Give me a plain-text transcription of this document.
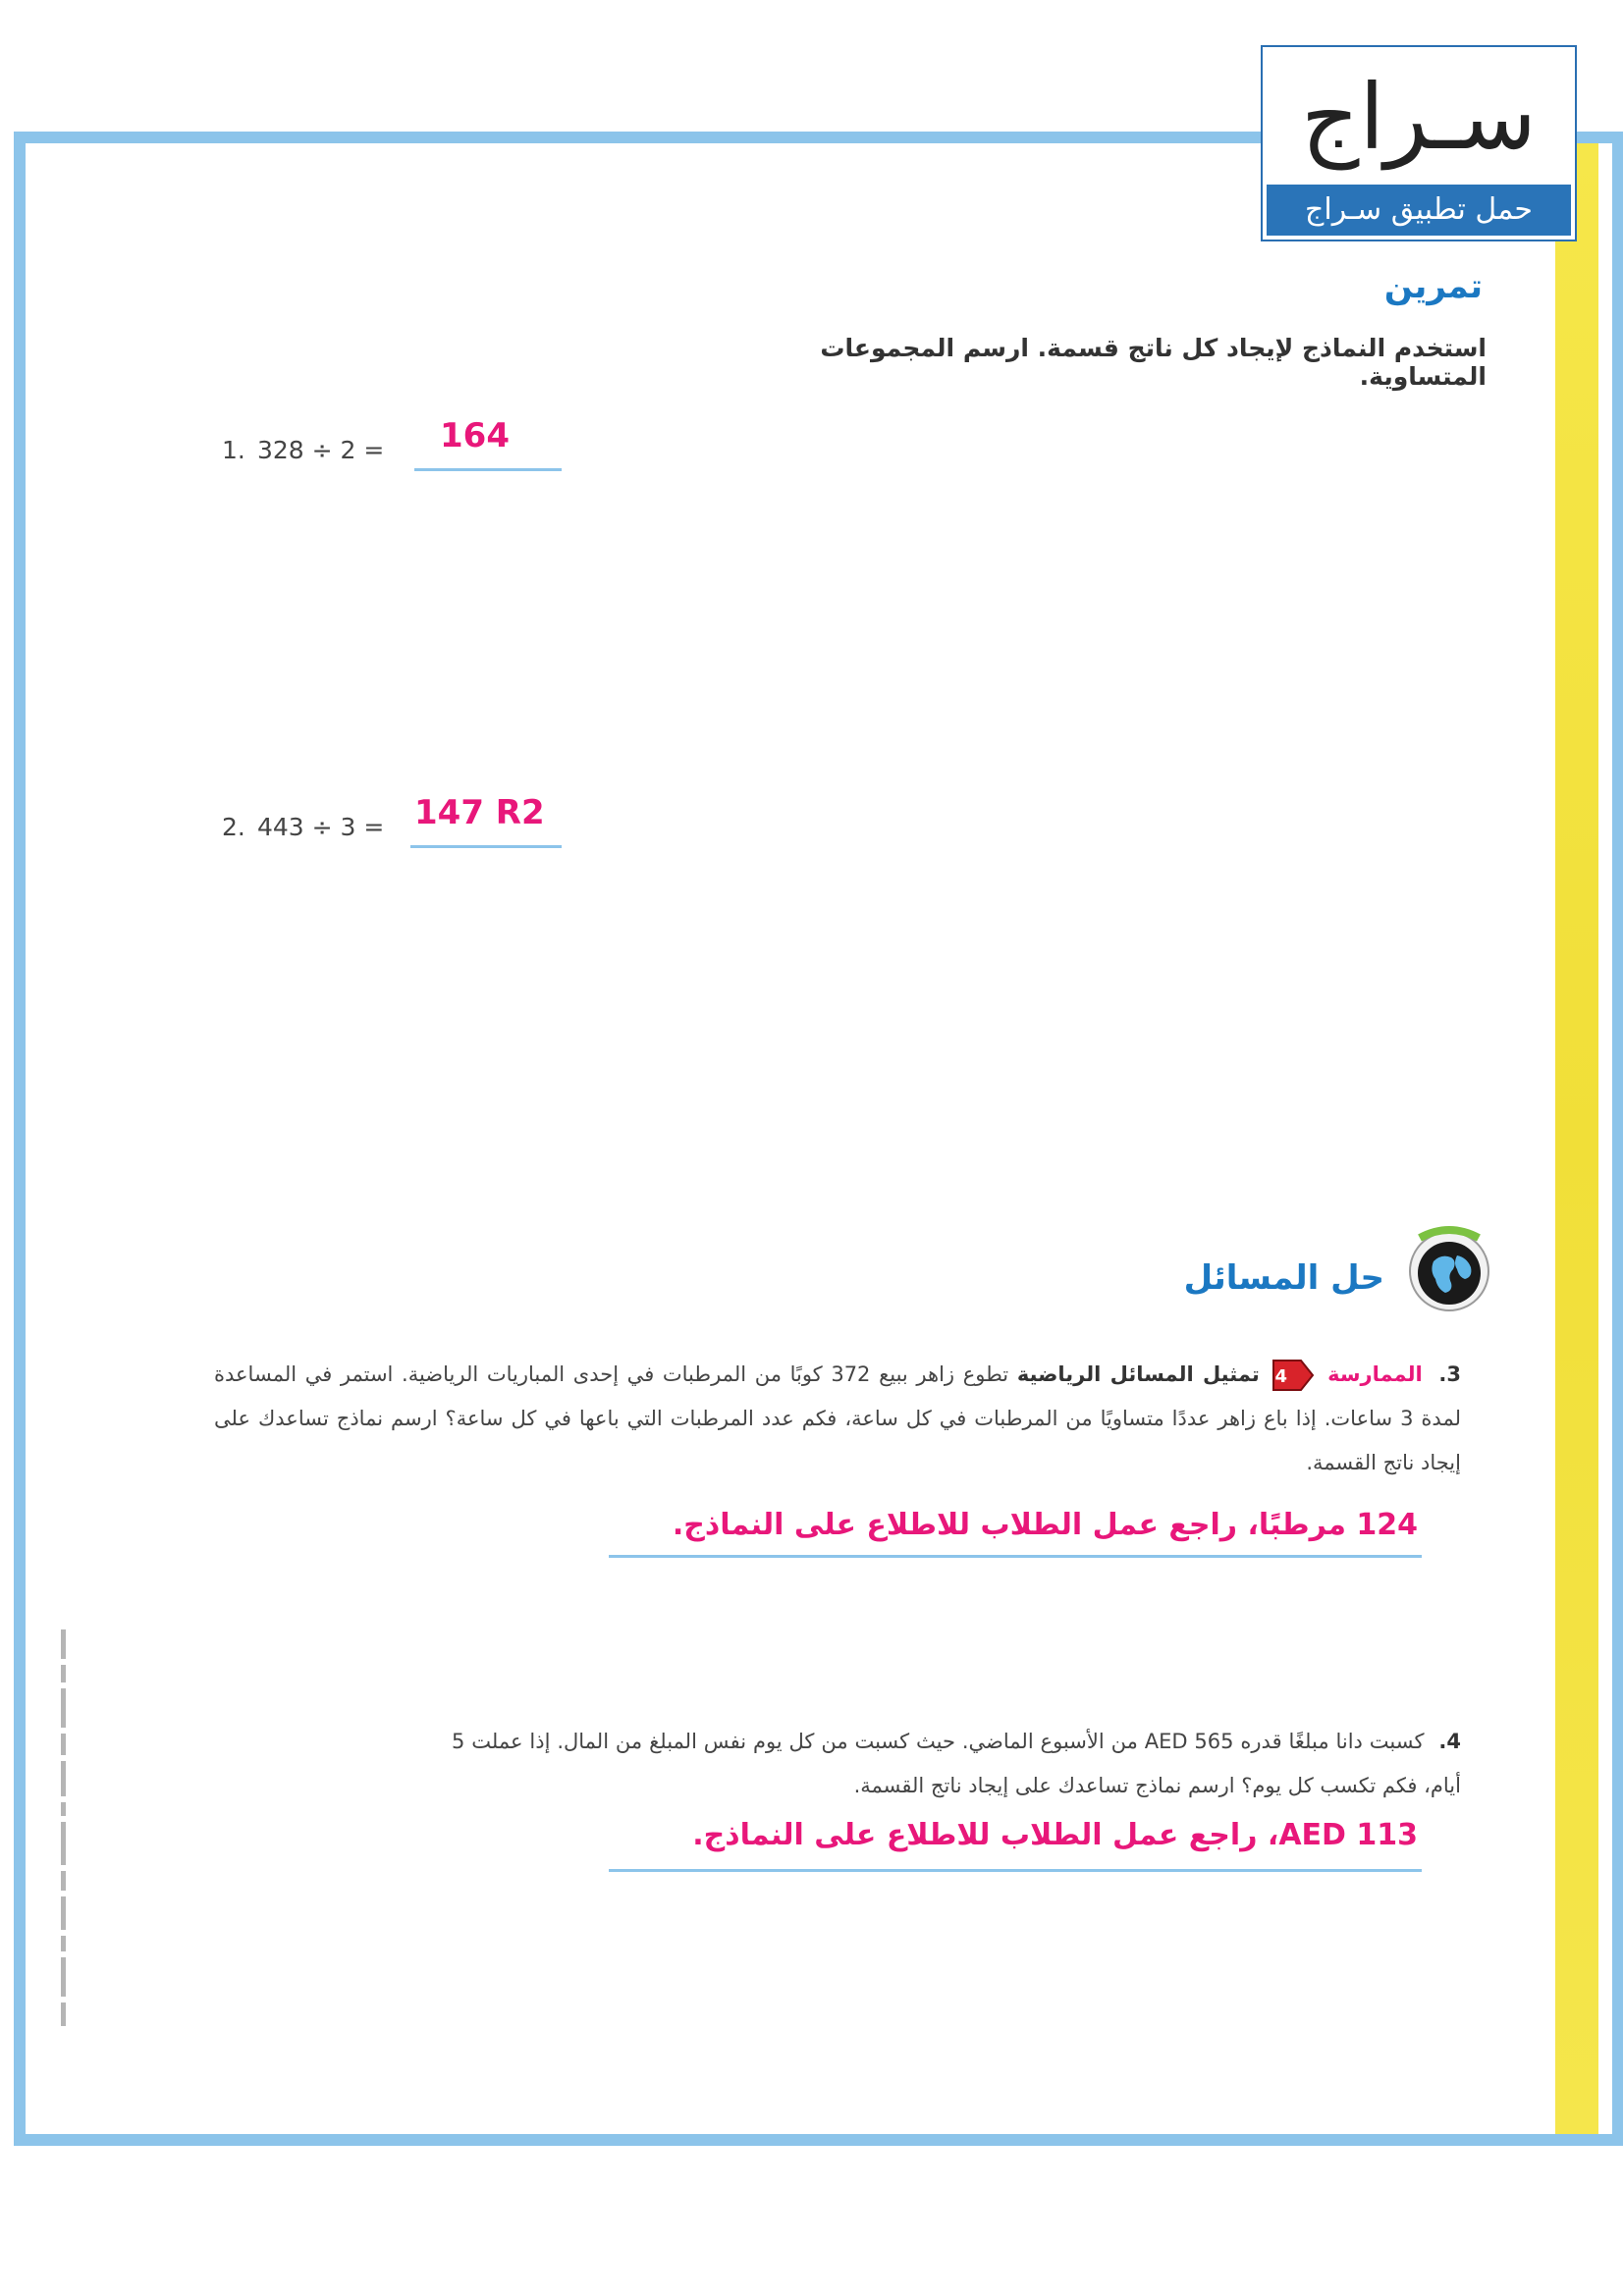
سـراج
حمل تطبيق سـراج
تمرين
استخدم النماذج لإيجاد كل ناتج قسمة. ارسم المجموعات المتساوية.
1. 328 ÷ 2 = 164
2. 443 ÷ 3 = 147 R2
حل المسائل
3. الممارسة
4
تمثيل المسائل الرياضية تطوع زاهر ببيع 372 كوبًا من المرطبات في إحدى المباريات الرياضية. استمر في المساعدة لمدة 3 ساعات. إذا باع زاهر عددًا متساويًا من المرطبات في كل ساعة، فكم عدد المرطبات التي باعها في كل ساعة؟ ارسم نماذج تساعدك على إيجاد ناتج القسمة.
124 مرطبًا، راجع عمل الطلاب للاطلاع على النماذج.
4. كسبت دانا مبلغًا قدره AED 565 من الأسبوع الماضي. حيث كسبت من كل يوم نفس المبلغ من المال. إذا عملت 5 أيام، فكم تكسب كل يوم؟ ارسم نماذج تساعدك على إيجاد ناتج القسمة.
AED 113، راجع عمل الطلاب للاطلاع على النماذج.
